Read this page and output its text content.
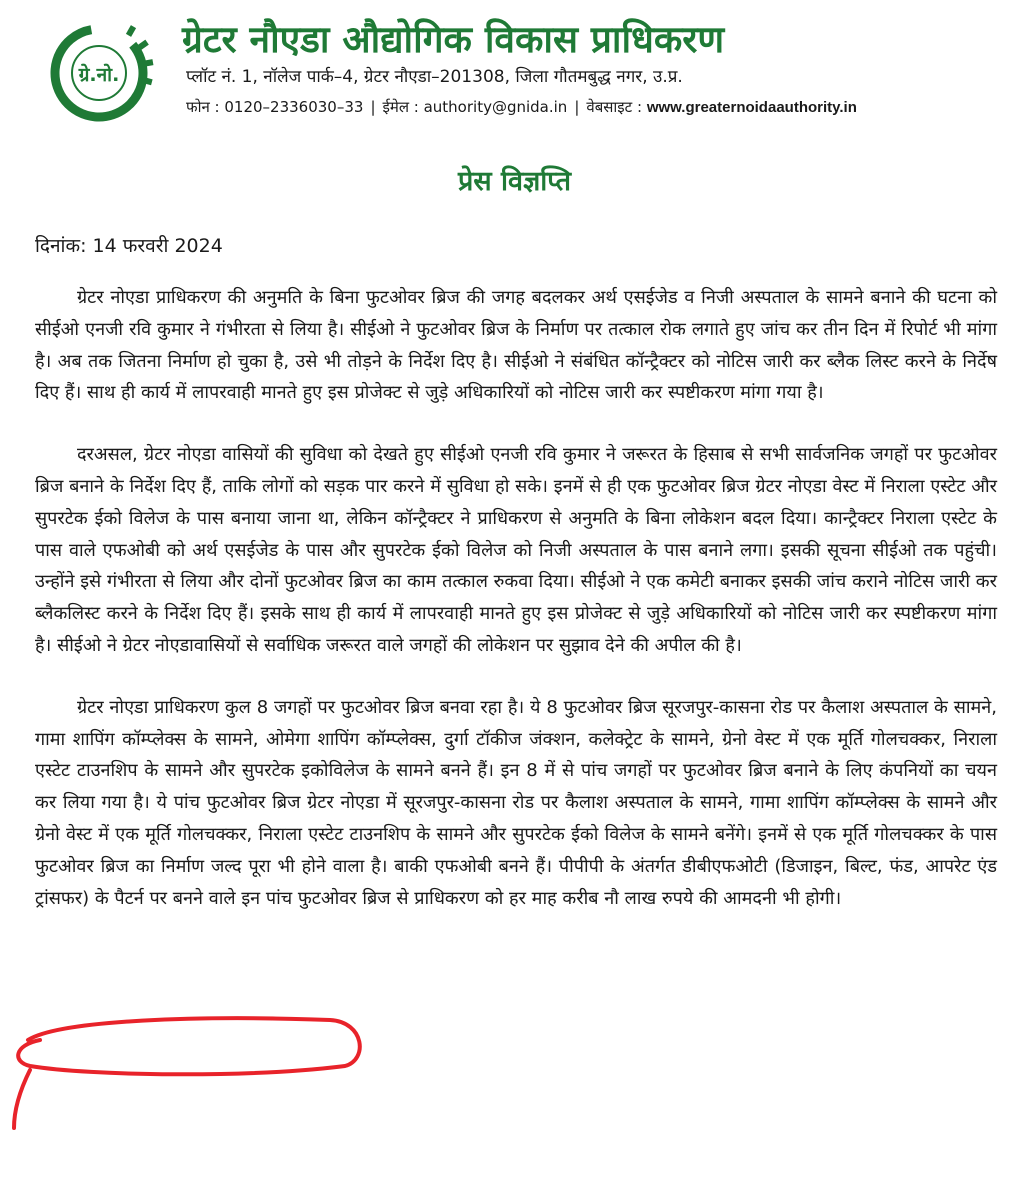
ग्रे.नो.
ग्रेटर नौएडा औद्योगिक विकास प्राधिकरण
प्लॉट नं. 1, नॉलेज पार्क–4, ग्रेटर नौएडा–201308, जिला गौतमबुद्ध नगर, उ.प्र.
फोन : 0120–2336030–33 | ईमेल : authority@gnida.in | वेबसाइट : www.greaternoidaauthority.in
प्रेस विज्ञप्ति
दिनांक: 14 फरवरी 2024

ग्रेटर नोएडा प्राधिकरण की अनुमति के बिना फुटओवर ब्रिज की जगह बदलकर अर्थ एसईजेड व निजी अस्पताल के सामने बनाने की घटना को सीईओ एनजी रवि कुमार ने गंभीरता से लिया है। सीईओ ने फुटओवर ब्रिज के निर्माण पर तत्काल रोक लगाते हुए जांच कर तीन दिन में रिपोर्ट भी मांगा है। अब तक जितना निर्माण हो चुका है, उसे भी तोड़ने के निर्देश दिए है। सीईओ ने संबंधित कॉन्ट्रैक्टर को नोटिस जारी कर ब्लैक लिस्ट करने के निर्देष दिए हैं। साथ ही कार्य में लापरवाही मानते हुए इस प्रोजेक्ट से जुड़े अधिकारियों को नोटिस जारी कर स्पष्टीकरण मांगा गया है।

दरअसल, ग्रेटर नोएडा वासियों की सुविधा को देखते हुए सीईओ एनजी रवि कुमार ने जरूरत के हिसाब से सभी सार्वजनिक जगहों पर फुटओवर ब्रिज बनाने के निर्देश दिए हैं, ताकि लोगों को सड़क पार करने में सुविधा हो सके। इनमें से ही एक फुटओवर ब्रिज ग्रेटर नोएडा वेस्ट में निराला एस्टेट और सुपरटेक ईको विलेज के पास बनाया जाना था, लेकिन कॉन्ट्रैक्टर ने प्राधिकरण से अनुमति के बिना लोकेशन बदल दिया। कान्ट्रैक्टर निराला एस्टेट के पास वाले एफओबी को अर्थ एसईजेड के पास और सुपरटेक ईको विलेज को निजी अस्पताल के पास बनाने लगा। इसकी सूचना सीईओ तक पहुंची। उन्होंने इसे गंभीरता से लिया और दोनों फुटओवर ब्रिज का काम तत्काल रुकवा दिया। सीईओ ने एक कमेटी बनाकर इसकी जांच कराने नोटिस जारी कर ब्लैकलिस्ट करने के निर्देश दिए हैं। इसके साथ ही कार्य में लापरवाही मानते हुए इस प्रोजेक्ट से जुड़े अधिकारियों को नोटिस जारी कर स्पष्टीकरण मांगा है। सीईओ ने ग्रेटर नोएडावासियों से सर्वाधिक जरूरत वाले जगहों की लोकेशन पर सुझाव देने की अपील की है।

ग्रेटर नोएडा प्राधिकरण कुल 8 जगहों पर फुटओवर ब्रिज बनवा रहा है। ये 8 फुटओवर ब्रिज सूरजपुर-कासना रोड पर कैलाश अस्पताल के सामने, गामा शापिंग कॉम्प्लेक्स के सामने, ओमेगा शापिंग कॉम्प्लेक्स, दुर्गा टॉकीज जंक्शन, कलेक्ट्रेट के सामने, ग्रेनो वेस्ट में एक मूर्ति गोलचक्कर, निराला एस्टेट टाउनशिप के सामने और सुपरटेक इकोविलेज के सामने बनने हैं। इन 8 में से पांच जगहों पर फुटओवर ब्रिज बनाने के लिए कंपनियों का चयन कर लिया गया है। ये पांच फुटओवर ब्रिज ग्रेटर नोएडा में सूरजपुर-कासना रोड पर कैलाश अस्पताल के सामने, गामा शापिंग कॉम्प्लेक्स के सामने और ग्रेनो वेस्ट में एक मूर्ति गोलचक्कर, निराला एस्टेट टाउनशिप के सामने और सुपरटेक ईको विलेज के सामने बनेंगे। इनमें से एक मूर्ति गोलचक्कर के पास फुटओवर ब्रिज का निर्माण जल्द पूरा भी होने वाला है। बाकी एफओबी बनने हैं। पीपीपी के अंतर्गत डीबीएफओटी (डिजाइन, बिल्ट, फंड, आपरेट एंड ट्रांसफर) के पैटर्न पर बनने वाले इन पांच फुटओवर ब्रिज से प्राधिकरण को हर माह करीब नौ लाख रुपये की आमदनी भी होगी।
